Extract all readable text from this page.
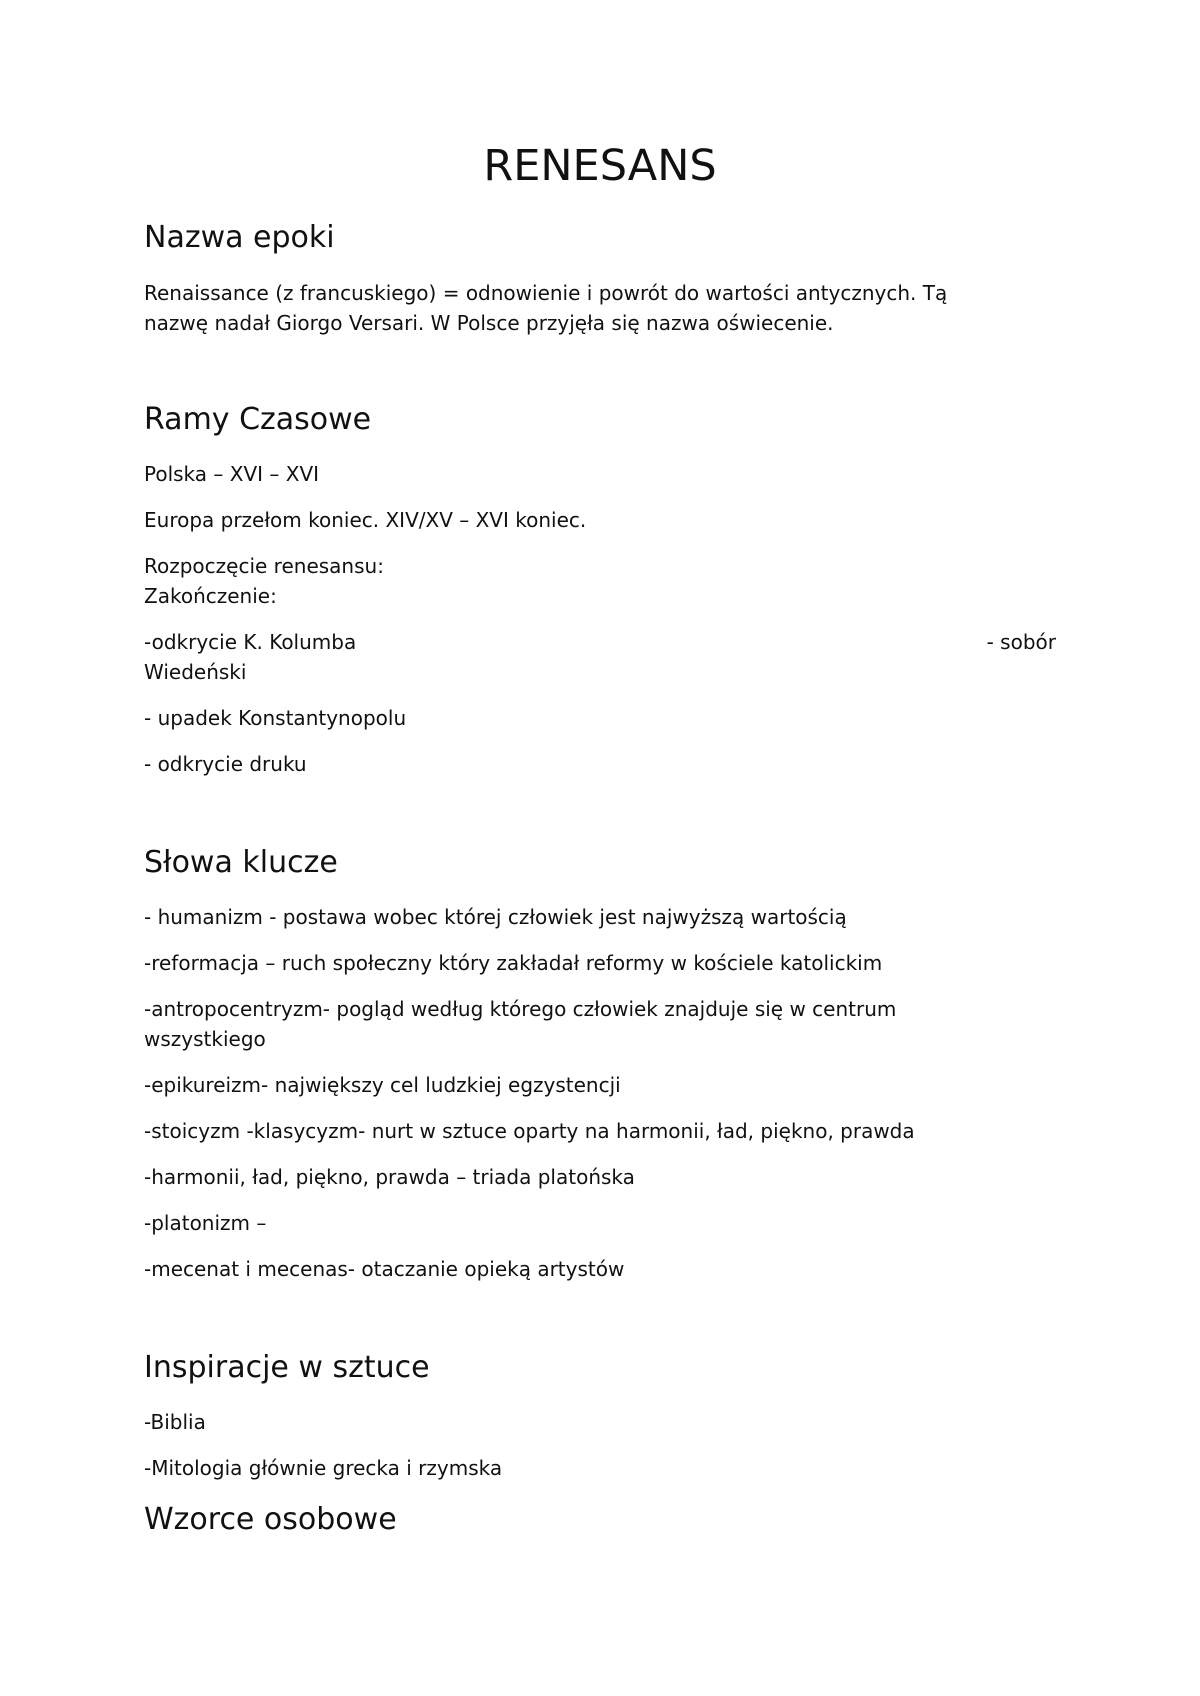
RENESANS
Nazwa epoki

Renaissance (z francuskiego) = odnowienie i powrót do wartości antycznych. Tą

nazwę nadał Giorgo Versari. W Polsce przyjęła się nazwa oświecenie.

Ramy Czasowe

Polska – XVI – XVI

Europa przełom koniec. XIV/XV – XVI koniec.

Rozpoczęcie renesansu:

Zakończenie:

-odkrycie K. Kolumba	- sobór

Wiedeński

- upadek Konstantynopolu

- odkrycie druku

Słowa klucze

- humanizm - postawa wobec której człowiek jest najwyższą wartością

-reformacja – ruch społeczny który zakładał reformy w kościele katolickim

-antropocentryzm- pogląd według którego człowiek znajduje się w centrum

wszystkiego

-epikureizm- największy cel ludzkiej egzystencji

-stoicyzm -klasycyzm- nurt w sztuce oparty na harmonii, ład, piękno, prawda

-harmonii, ład, piękno, prawda – triada platońska

-platonizm –

-mecenat i mecenas- otaczanie opieką artystów

Inspiracje w sztuce

-Biblia

-Mitologia głównie grecka i rzymska

Wzorce osobowe
